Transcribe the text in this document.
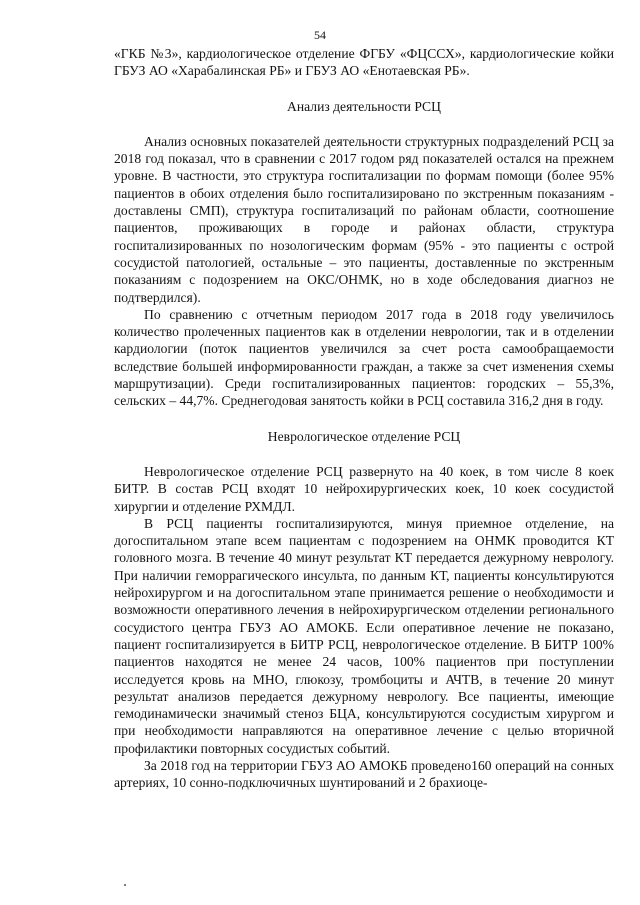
54

«ГКБ №3», кардиологическое отделение ФГБУ «ФЦССХ», кардиологические койки ГБУЗ АО «Харабалинская РБ» и ГБУЗ АО «Енотаевская РБ».

Анализ деятельности РСЦ

Анализ основных показателей деятельности структурных подразделений РСЦ за 2018 год показал, что в сравнении с 2017 годом ряд показателей остался на прежнем уровне. В частности, это структура госпитализации по формам помощи (более 95% пациентов в обоих отделения было госпитализировано по экстренным показаниям - доставлены СМП), структура госпитализаций по районам области, соотношение пациентов, проживающих в городе и районах области, структура госпитализированных по нозологическим формам (95% - это пациенты с острой сосудистой патологией, остальные – это пациенты, доставленные по экстренным показаниям с подозрением на ОКС/ОНМК, но в ходе обследования диагноз не подтвердился).

По сравнению с отчетным периодом 2017 года в 2018 году увеличилось количество пролеченных пациентов как в отделении неврологии, так и в отделении кардиологии (поток пациентов увеличился за счет роста самообращаемости вследствие большей информированности граждан, а также за счет изменения схемы маршрутизации). Среди госпитализированных пациентов: городских – 55,3%, сельских – 44,7%. Среднегодовая занятость койки в РСЦ составила 316,2 дня в году.

Неврологическое отделение РСЦ

Неврологическое отделение РСЦ развернуто на 40 коек, в том числе 8 коек БИТР. В состав РСЦ входят 10 нейрохирургических коек, 10 коек сосудистой хирургии и отделение РХМДЛ.

В РСЦ пациенты госпитализируются, минуя приемное отделение, на догоспитальном этапе всем пациентам с подозрением на ОНМК проводится КТ головного мозга. В течение 40 минут результат КТ передается дежурному неврологу. При наличии геморрагического инсульта, по данным КТ, пациенты консультируются нейрохирургом и на догоспитальном этапе принимается решение о необходимости и возможности оперативного лечения в нейрохирургическом отделении регионального сосудистого центра ГБУЗ АО АМОКБ. Если оперативное лечение не показано, пациент госпитализируется в БИТР РСЦ, неврологическое отделение. В БИТР 100% пациентов находятся не менее 24 часов, 100% пациентов при поступлении исследуется кровь на МНО, глюкозу, тромбоциты и АЧТВ, в течение 20 минут результат анализов передается дежурному неврологу. Все пациенты, имеющие гемодинамически значимый стеноз БЦА, консультируются сосудистым хирургом и при необходимости направляются на оперативное лечение с целью вторичной профилактики повторных сосудистых событий.

За 2018 год на территории ГБУЗ АО АМОКБ проведено160 операций на сонных артериях, 10 сонно-подключичных шунтирований и 2 брахиоце-
